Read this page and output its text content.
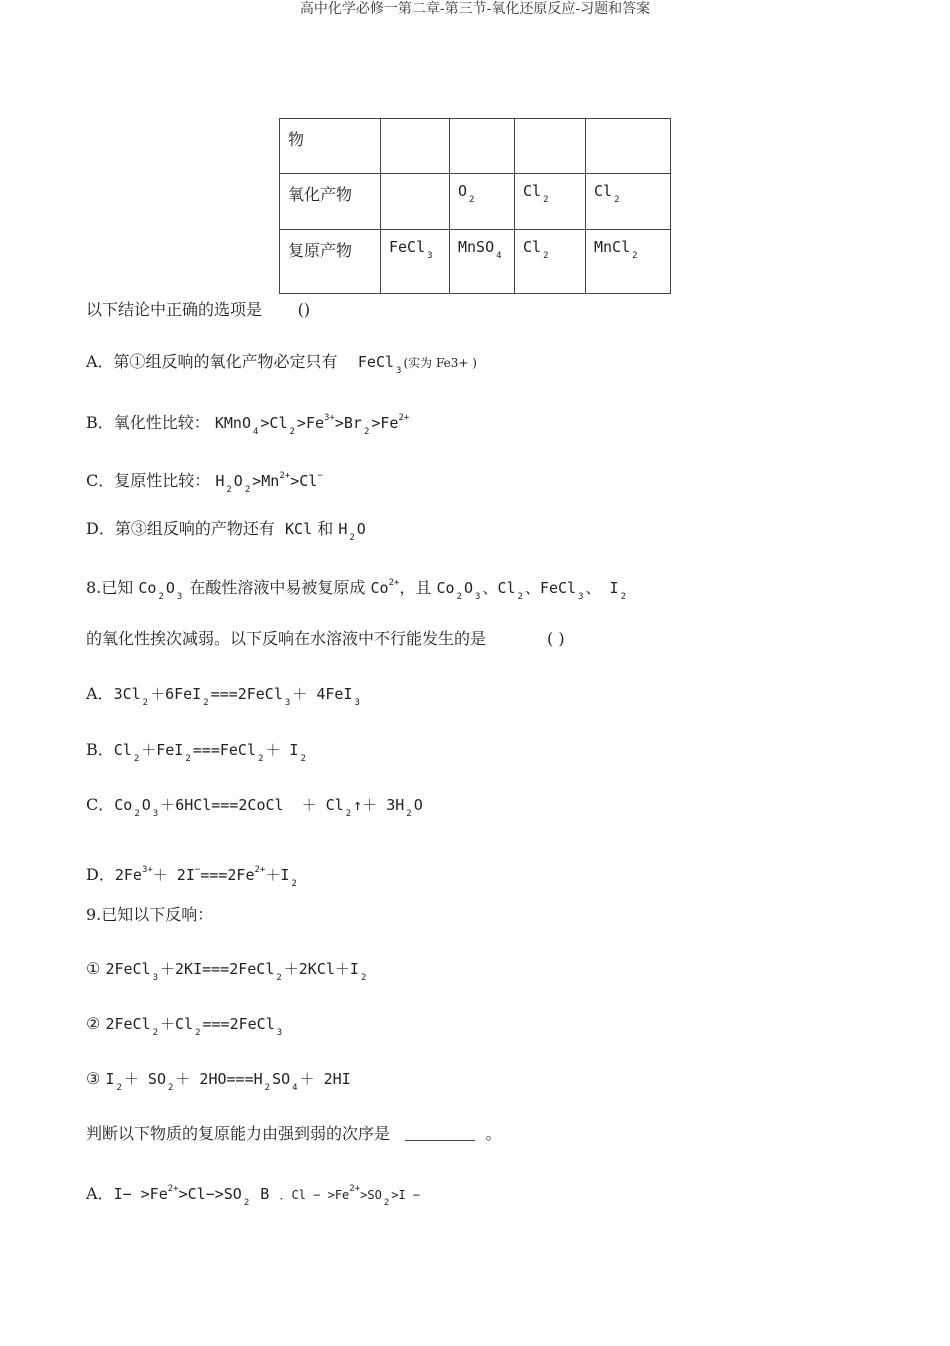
高中化学必修一第二章-第三节-氧化还原反应-习题和答案
物				
氧化产物		O $_2$	Cl $_2$	Cl $_2$
复原产物	FeCl $_3$	MnSO $_4$	Cl $_2$	MnCl $_2$
以下结论中正确的选项是 ()
A．第①组反响的氧化产物必定只有 FeCl $_3$(实为 Fe3+ )
B．氧化性比较： KMnO $_4$ >Cl $_2 >Fe^{3+}>Br$ $_2 >Fe^{2+}$
C．复原性比较： H $_2$ O $_2 >Mn^{2+}>Cl^-$
D．第③组反响的产物还有 KCl 和 H $_2$ O
8.已知 Co $_2$ O $_3$ 在酸性溶液中易被复原成 $Co^{2+}$，且 Co $_2$ O $_3$ 、Cl $_2$ 、FeCl $_3$ 、 I $_2$
的氧化性挨次减弱。以下反响在水溶液中不行能发生的是	( )
A．3Cl $_2$ ＋6FeI $_2$ ===2FeCl $_3$ ＋ 4FeI $_3$
B．Cl $_2$ ＋FeI $_2$ ===FeCl $_2$ ＋ I $_2$
C．Co $_2$ O $_3$ ＋6HCl===2CoCl  ＋ Cl $_2$ ↑＋ 3H $_2$ O
D．$2Fe^{3+}+ 2I^-===2Fe^{2+}+I$ $_2$
9.已知以下反响：
① 2FeCl $_3$ ＋2KI===2FeCl $_2$ ＋2KCl＋I $_2$
② 2FeCl $_2$ ＋Cl $_2$ ===2FeCl $_3$
③ I $_2$ ＋ SO $_2$ ＋ 2HO===H $_2$ SO $_4$ ＋ 2HI
判断以下物质的复原能力由强到弱的次序是	。
A．$I- >Fe^{2+}>Cl->SO$ $_2$ B ．$Cl - >Fe^{2+}>SO_2>I$ −
